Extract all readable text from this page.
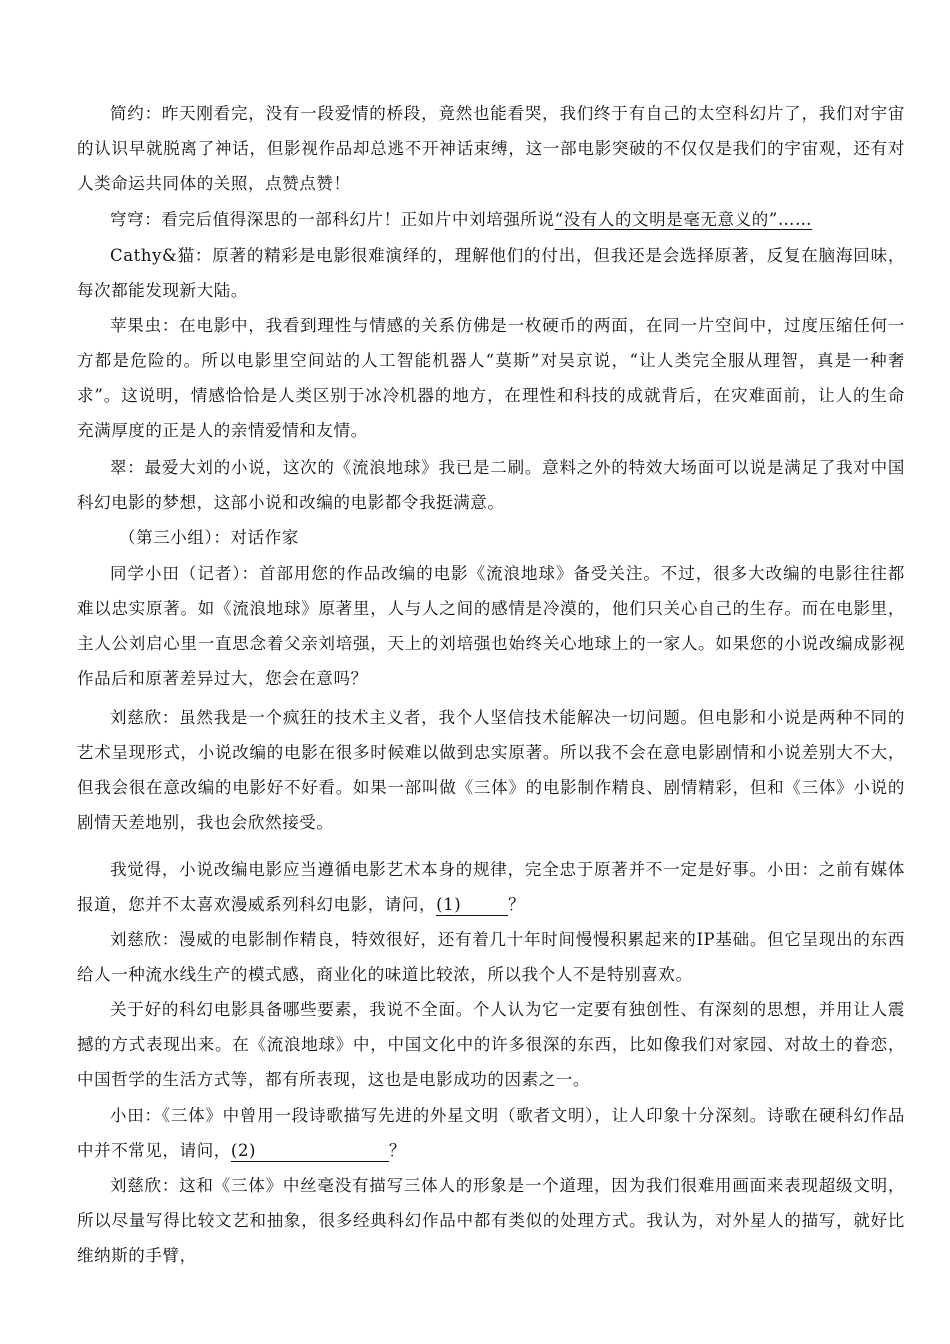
简约：昨天刚看完，没有一段爱情的桥段，竟然也能看哭，我们终于有自己的太空科幻片了，我们对宇宙的认识早就脱离了神话，但影视作品却总逃不开神话束缚，这一部电影突破的不仅仅是我们的宇宙观，还有对人类命运共同体的关照，点赞点赞！

穹穹：看完后值得深思的一部科幻片！正如片中刘培强所说“没有人的文明是毫无意义的”……

Cathy&猫：原著的精彩是电影很难演绎的，理解他们的付出，但我还是会选择原著，反复在脑海回味，每次都能发现新大陆。

苹果虫：在电影中，我看到理性与情感的关系仿佛是一枚硬币的两面，在同一片空间中，过度压缩任何一方都是危险的。所以电影里空间站的人工智能机器人“莫斯”对吴京说，“让人类完全服从理智，真是一种奢求”。这说明，情感恰恰是人类区别于冰冷机器的地方，在理性和科技的成就背后，在灾难面前，让人的生命充满厚度的正是人的亲情爱情和友情。

翠：最爱大刘的小说，这次的《流浪地球》我已是二刷。意料之外的特效大场面可以说是满足了我对中国科幻电影的梦想，这部小说和改编的电影都令我挺满意。

（第三小组）：对话作家

同学小田（记者）：首部用您的作品改编的电影《流浪地球》备受关注。不过，很多大改编的电影往往都难以忠实原著。如《流浪地球》原著里，人与人之间的感情是冷漠的，他们只关心自己的生存。而在电影里，主人公刘启心里一直思念着父亲刘培强，天上的刘培强也始终关心地球上的一家人。如果您的小说改编成影视作品后和原著差异过大，您会在意吗？

刘慈欣：虽然我是一个疯狂的技术主义者，我个人坚信技术能解决一切问题。但电影和小说是两种不同的艺术呈现形式，小说改编的电影在很多时候难以做到忠实原著。所以我不会在意电影剧情和小说差别大不大，但我会很在意改编的电影好不好看。如果一部叫做《三体》的电影制作精良、剧情精彩，但和《三体》小说的剧情天差地别，我也会欣然接受。

我觉得，小说改编电影应当遵循电影艺术本身的规律，完全忠于原著并不一定是好事。小田：之前有媒体报道，您并不太喜欢漫威系列科幻电影，请问，(1)	？

刘慈欣：漫威的电影制作精良，特效很好，还有着几十年时间慢慢积累起来的IP基础。但它呈现出的东西给人一种流水线生产的模式感，商业化的味道比较浓，所以我个人不是特别喜欢。

关于好的科幻电影具备哪些要素，我说不全面。个人认为它一定要有独创性、有深刻的思想，并用让人震撼的方式表现出来。在《流浪地球》中，中国文化中的许多很深的东西，比如像我们对家园、对故土的眷恋，中国哲学的生活方式等，都有所表现，这也是电影成功的因素之一。

小田：《三体》中曾用一段诗歌描写先进的外星文明（歌者文明），让人印象十分深刻。诗歌在硬科幻作品中并不常见，请问，(2)	？

刘慈欣：这和《三体》中丝毫没有描写三体人的形象是一个道理，因为我们很难用画面来表现超级文明，所以尽量写得比较文艺和抽象，很多经典科幻作品中都有类似的处理方式。我认为，对外星人的描写，就好比维纳斯的手臂，
